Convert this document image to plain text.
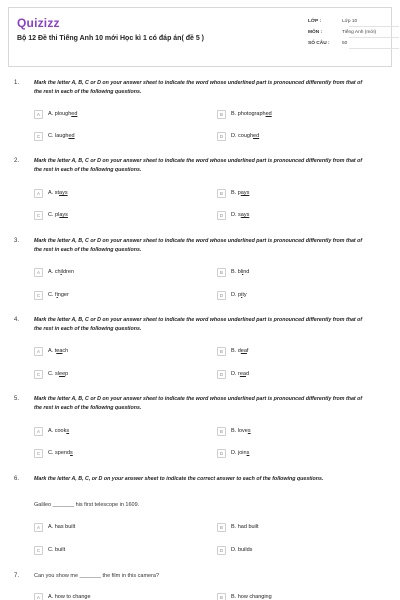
Quizizz
Bộ 12 Đề thi Tiếng Anh 10 mới Học kì 1 có đáp án( đề 5 )
LỚP :	Lớp 10
MÔN :	Tiếng Anh (mới)
SỐ CÂU :	50
1.	Mark the letter A, B, C or D on your answer sheet to indicate the word whose underlined part is pronounced differently from that of the rest in each of the following questions.
A	A. ploughed	B	B. photographed
C	C. laughed	D	D. coughed
2.	Mark the letter A, B, C or D on your answer sheet to indicate the word whose underlined part is pronounced differently from that of the rest in each of the following questions.
A	A. stays	B	B. pays
C	C. plays	D	D. says
3.	Mark the letter A, B, C or D on your answer sheet to indicate the word whose underlined part is pronounced differently from that of the rest in each of the following questions.
A	A. children	B	B. blind
C	C. finger	D	D. pity
4.	Mark the letter A, B, C or D on your answer sheet to indicate the word whose underlined part is pronounced differently from that of the rest in each of the following questions.
A	A. teach	B	B. deaf
C	C. sleep	D	D. read
5.	Mark the letter A, B, C or D on your answer sheet to indicate the word whose underlined part is pronounced differently from that of the rest in each of the following questions.
A	A. cooks	B	B. loves
C	C. spends	D	D. joins
6.	Mark the letter A, B, C, or D on your answer sheet to indicate the correct answer to each of the following questions.
Galileo _______ his first telescope in 1609.
A	A. has built	B	B. had built
C	C. built	D	D. builds
7.	Can you show me _______ the film in this camera?
A	A. how to change	B	B. how changing
